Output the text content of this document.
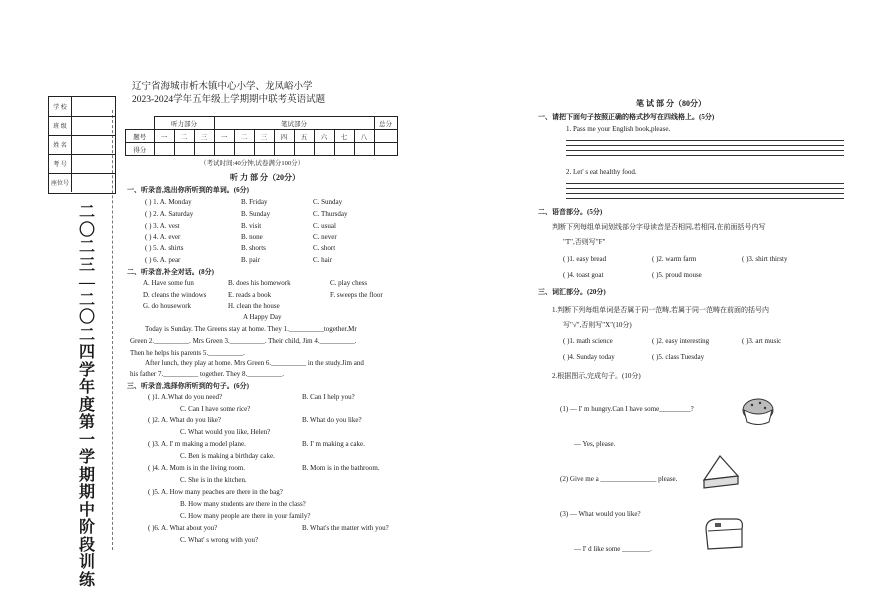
学 校
班 级
姓 名
考 号
座位号
二〇二三—二〇二四学年度第一学期期中阶段训练
辽宁省海城市析木镇中心小学、龙凤峪小学
2023-2024学年五年级上学期期中联考英语试题
	听力部分			笔试部分								总分
题号	一	二	三	一	二	三	四	五	六	七	八	
得分												
（考试时间:40分钟,试卷满分100分）
听 力 部 分（20分）
一、听录音,选出你所听到的单词。(6分)
( ) 1. A. Monday	B. Friday	C. Sunday
( ) 2. A. Saturday	B. Sunday	C. Thursday
( ) 3. A. vest	B. visit	C. usual
( ) 4. A. ever	B. none	C. never
( ) 5. A. shirts	B. shorts	C. short
( ) 6. A. pear	B. pair	C. hair
二、听录音,补全对话。(8分)
A. Have some fun	B. does his homework	C. play chess
D. cleans the windows	E. reads a book	F. sweeps the floor
G. do housework	H. clean the house
A Happy Day
Today is Sunday. The Greens stay at home. They 1.__________together.Mr
Green 2.__________. Mrs Green 3.__________. Their child, Jim 4.__________.
Then he helps his parents 5.__________.
After lunch, they play at home. Mrs Green 6.__________ in the study.Jim and
his father 7.__________ together. They 8.__________.
三、听录音,选择你所听到的句子。(6分)
( )1. A.What do you need?	B. Can I help you?
C. Can I have some rice?
( )2. A. What do you like?	B. What do you like?
C. What would you like, Helen?
( )3. A. I' m making a model plane.	B. I' m making a cake.
C. Ben is making a birthday cake.
( )4. A. Mom is in the living room.	B. Mom is in the bathroom.
C. She is in the kitchen.
( )5. A. How many peaches are there in the bag?
B. How many students are there in the class?
C. How many people are there in your family?
( )6. A. What about you?	B. What's the matter with you?
C. What' s wrong with you?
笔 试 部 分（80分）
一、请把下面句子按照正确的格式抄写在四线格上。(5分)
1. Pass me your English book,please.
2. Let' s eat healthy food.
二、语音部分。(5分)
判断下列每组单词划线部分字母读音是否相同,若相同,在前面括号内写
"T",否则写"F"
( )1. easy bread	( )2. warm farm	( )3. shirt thirsty
( )4. toast goat	( )5. proud mouse
三、词汇部分。(20分)
1.判断下列每组单词是否属于同一范畴,若属于同一范畴在前面的括号内
写"√",否则写"X"(10分)
( )1. math science	( )2. easy interesting	( )3. art music
( )4. Sunday today	( )5. class Tuesday
2.根据图示,完成句子。(10分)
(1) — I' m hungry.Can I have some_________?
— Yes, please.
(2) Give me a ________________ please.
(3) — What would you like?
— I' d like some ________.
